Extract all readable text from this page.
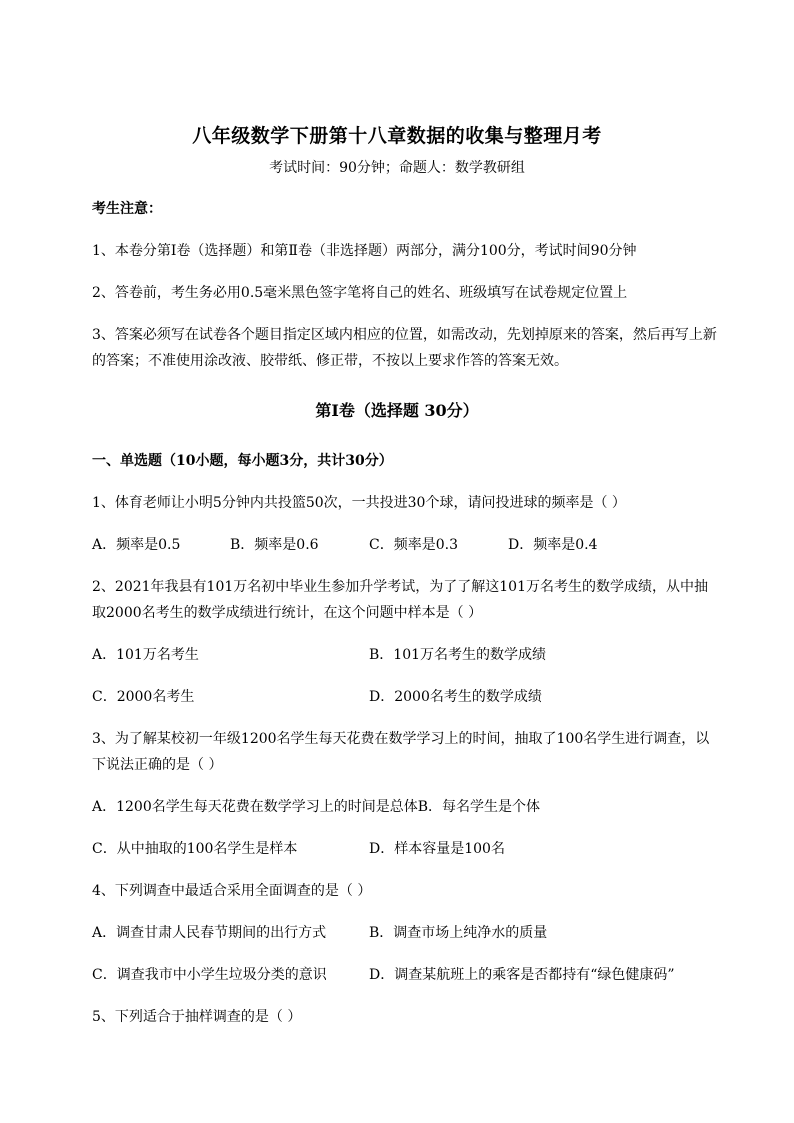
八年级数学下册第十八章数据的收集与整理月考
考试时间：90分钟；命题人：数学教研组
考生注意：
1、本卷分第I卷（选择题）和第Ⅱ卷（非选择题）两部分，满分100分，考试时间90分钟
2、答卷前，考生务必用0.5毫米黑色签字笔将自己的姓名、班级填写在试卷规定位置上
3、答案必须写在试卷各个题目指定区域内相应的位置，如需改动，先划掉原来的答案，然后再写上新
的答案；不准使用涂改液、胶带纸、修正带，不按以上要求作答的答案无效。
第I卷（选择题 30分）
一、单选题（10小题，每小题3分，共计30分）
1、体育老师让小明5分钟内共投篮50次，一共投进30个球，请问投进球的频率是（ ）
A．频率是0.5	B．频率是0.6	C．频率是0.3	D．频率是0.4
2、2021年我县有101万名初中毕业生参加升学考试，为了了解这101万名考生的数学成绩，从中抽
取2000名考生的数学成绩进行统计，在这个问题中样本是（ ）
A．101万名考生	B．101万名考生的数学成绩
C．2000名考生	D．2000名考生的数学成绩
3、为了解某校初一年级1200名学生每天花费在数学学习上的时间，抽取了100名学生进行调查，以
下说法正确的是（ ）
A．1200名学生每天花费在数学学习上的时间是总体B．每名学生是个体
C．从中抽取的100名学生是样本	D．样本容量是100名
4、下列调查中最适合采用全面调查的是（ ）
A．调查甘肃人民春节期间的出行方式	B．调查市场上纯净水的质量
C．调查我市中小学生垃圾分类的意识	D．调查某航班上的乘客是否都持有“绿色健康码”
5、下列适合于抽样调查的是（ ）
